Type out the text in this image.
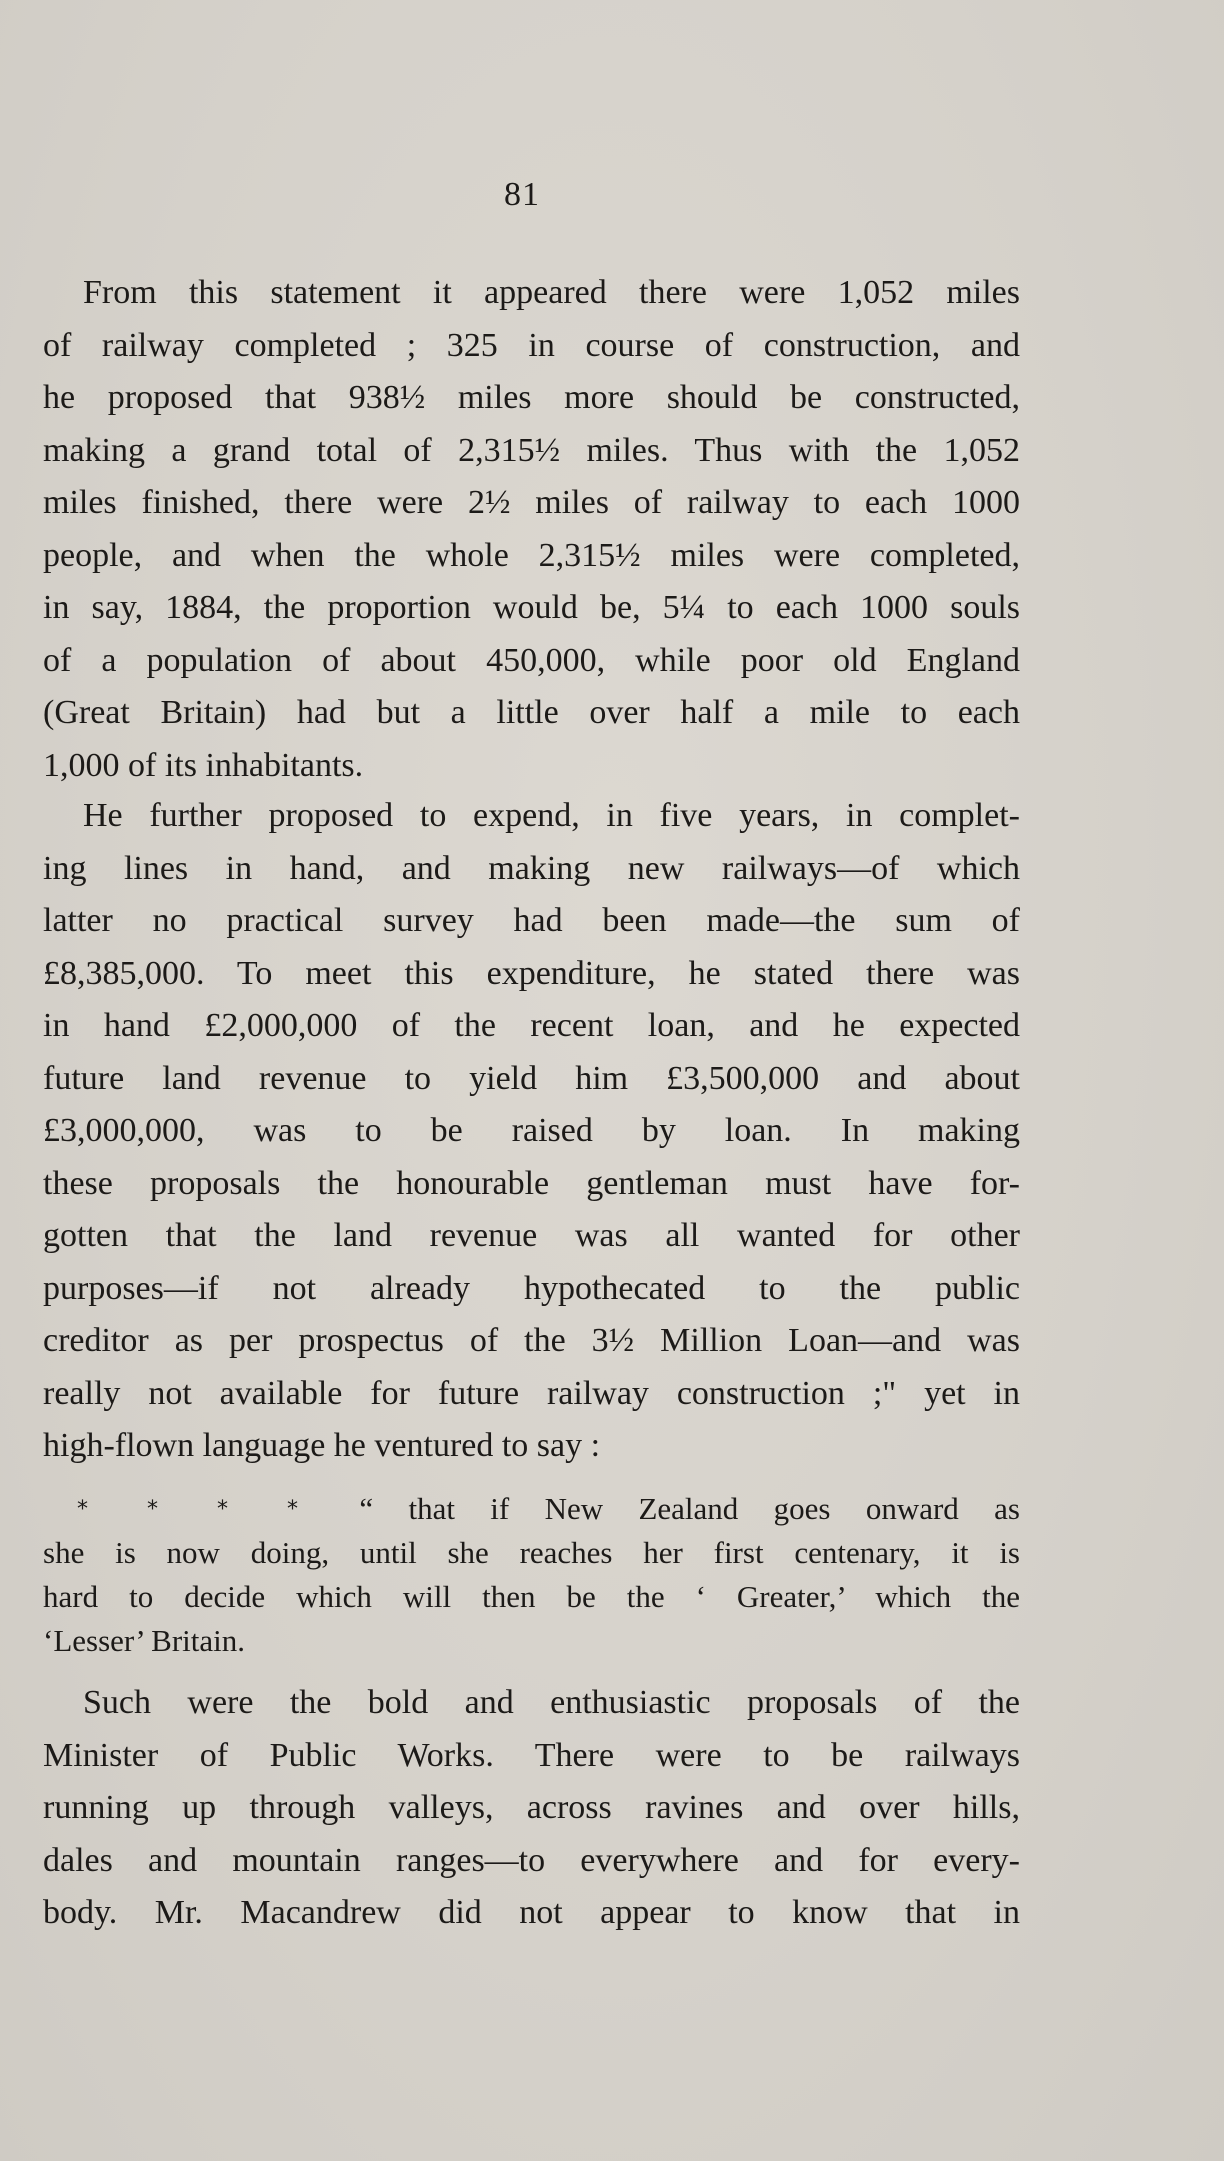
81
From this statement it appeared there were 1,052 miles
of railway completed ; 325 in course of construction, and
he proposed that 938½ miles more should be constructed,
making a grand total of 2,315½ miles. Thus with the 1,052
miles finished, there were 2½ miles of railway to each 1000
people, and when the whole 2,315½ miles were completed,
in say, 1884, the proportion would be, 5¼ to each 1000 souls
of a population of about 450,000, while poor old England
(Great Britain) had but a little over half a mile to each
1,000 of its inhabitants.
He further proposed to expend, in five years, in complet-
ing lines in hand, and making new railways—of which
latter no practical survey had been made—the sum of
£8,385,000. To meet this expenditure, he stated there was
in hand £2,000,000 of the recent loan, and he expected
future land revenue to yield him £3,500,000 and about
£3,000,000, was to be raised by loan. In making
these proposals the honourable gentleman must have for-
gotten that the land revenue was all wanted for other
purposes—if not already hypothecated to the public
creditor as per prospectus of the 3½ Million Loan—and was
really not available for future railway construction ;" yet in
high-flown language he ventured to say :
* * * * “ that if New Zealand goes onward as
she is now doing, until she reaches her first centenary, it is
hard to decide which will then be the ‘ Greater,’ which the
‘Lesser’ Britain.
Such were the bold and enthusiastic proposals of the
Minister of Public Works. There were to be railways
running up through valleys, across ravines and over hills,
dales and mountain ranges—to everywhere and for every-
body. Mr. Macandrew did not appear to know that in
